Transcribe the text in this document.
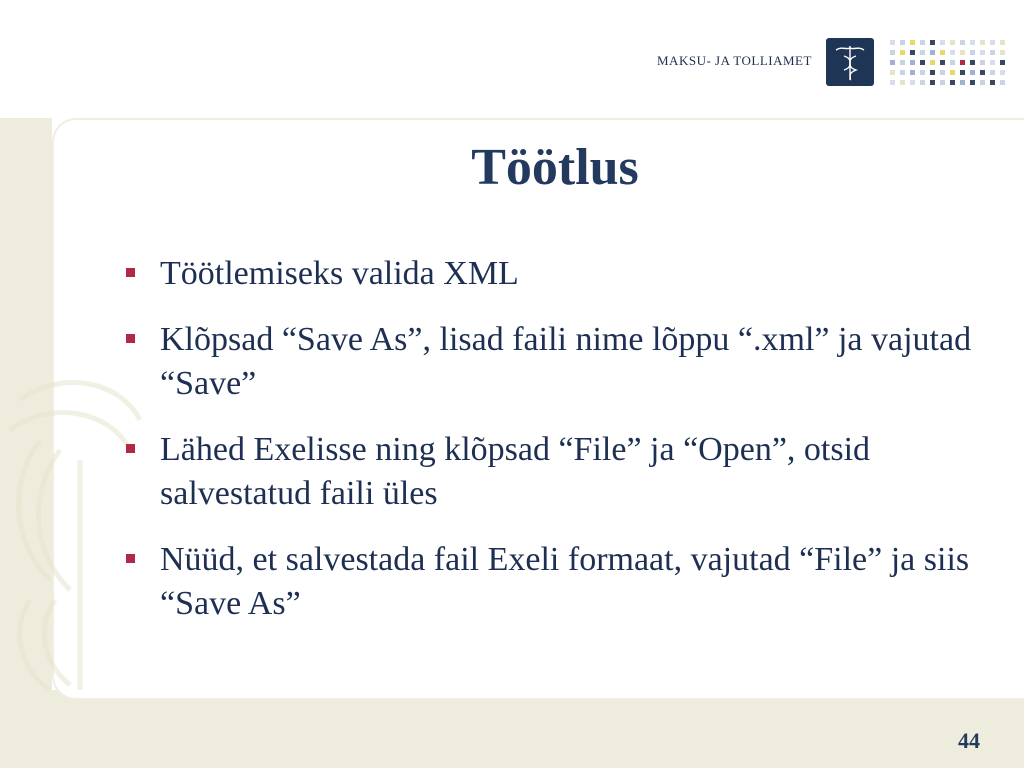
MAKSU- JA TOLLIAMET
Töötlus
Töötlemiseks valida XML
Klõpsad “Save As”, lisad faili nime lõppu “.xml” ja vajutad “Save”
Lähed Exelisse ning klõpsad “File” ja “Open”, otsid salvestatud faili üles
Nüüd, et salvestada fail Exeli formaat, vajutad “File” ja siis “Save As”
44
